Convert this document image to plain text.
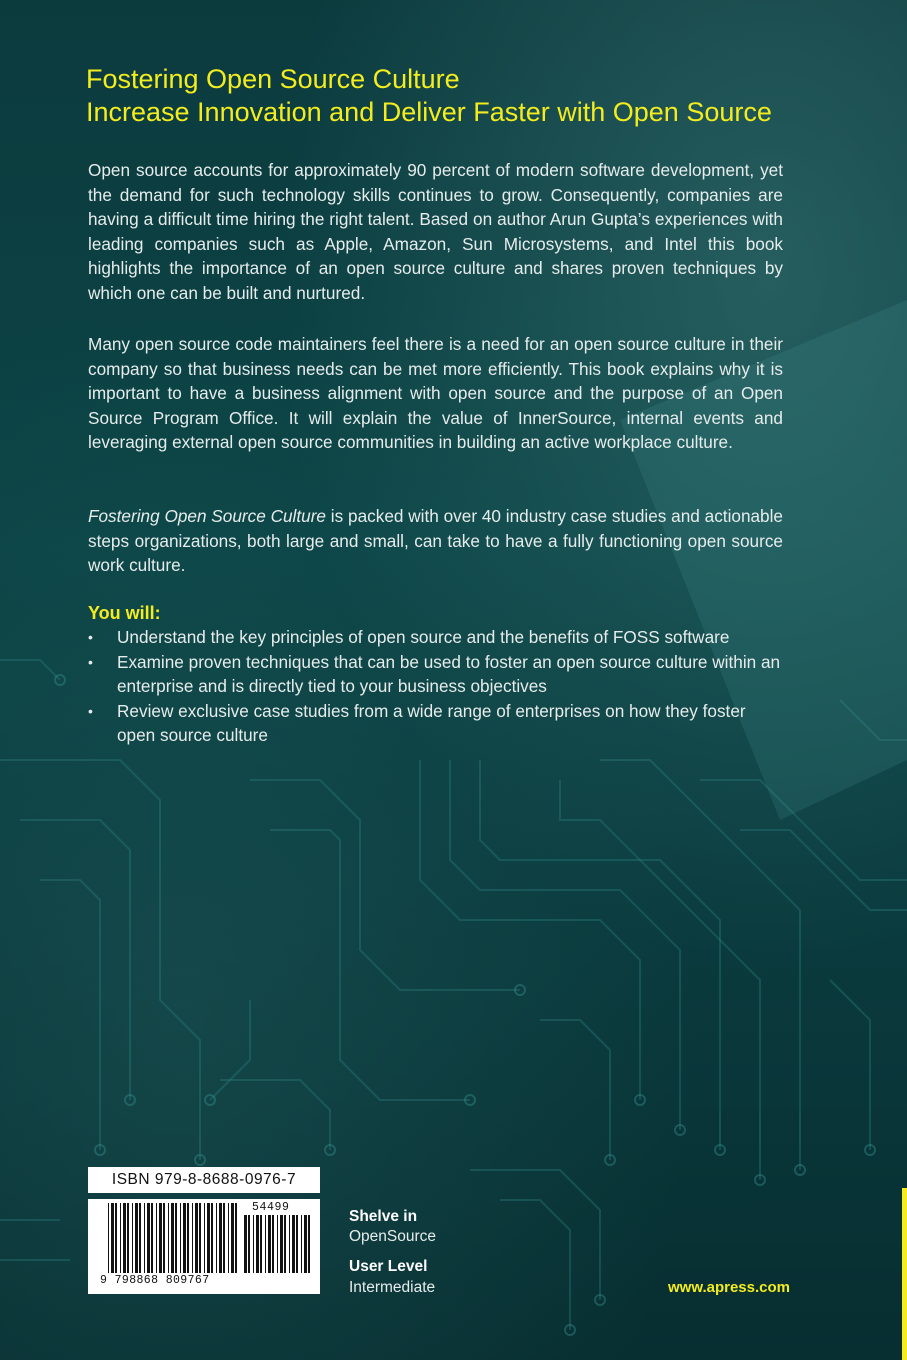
Fostering Open Source Culture
Increase Innovation and Deliver Faster with Open Source
Open source accounts for approximately 90 percent of modern software development, yet the demand for such technology skills continues to grow. Consequently, companies are having a difficult time hiring the right talent. Based on author Arun Gupta’s experiences with leading companies such as Apple, Amazon, Sun Microsystems, and Intel this book highlights the importance of an open source culture and shares proven techniques by which one can be built and nurtured.
Many open source code maintainers feel there is a need for an open source culture in their company so that business needs can be met more efficiently. This book explains why it is important to have a business alignment with open source and the purpose of an Open Source Program Office. It will explain the value of InnerSource, internal events and leveraging external open source communities in building an active workplace culture.
Fostering Open Source Culture is packed with over 40 industry case studies and actionable steps organizations, both large and small, can take to have a fully functioning open source work culture.
You will:
• Understand the key principles of open source and the benefits of FOSS software
• Examine proven techniques that can be used to foster an open source culture within an enterprise and is directly tied to your business objectives
• Review exclusive case studies from a wide range of enterprises on how they foster open source culture
ISBN 979-8-8688-0976-7
9 798868 809767
54499
Shelve in
OpenSource
User Level
Intermediate	www.apress.com
